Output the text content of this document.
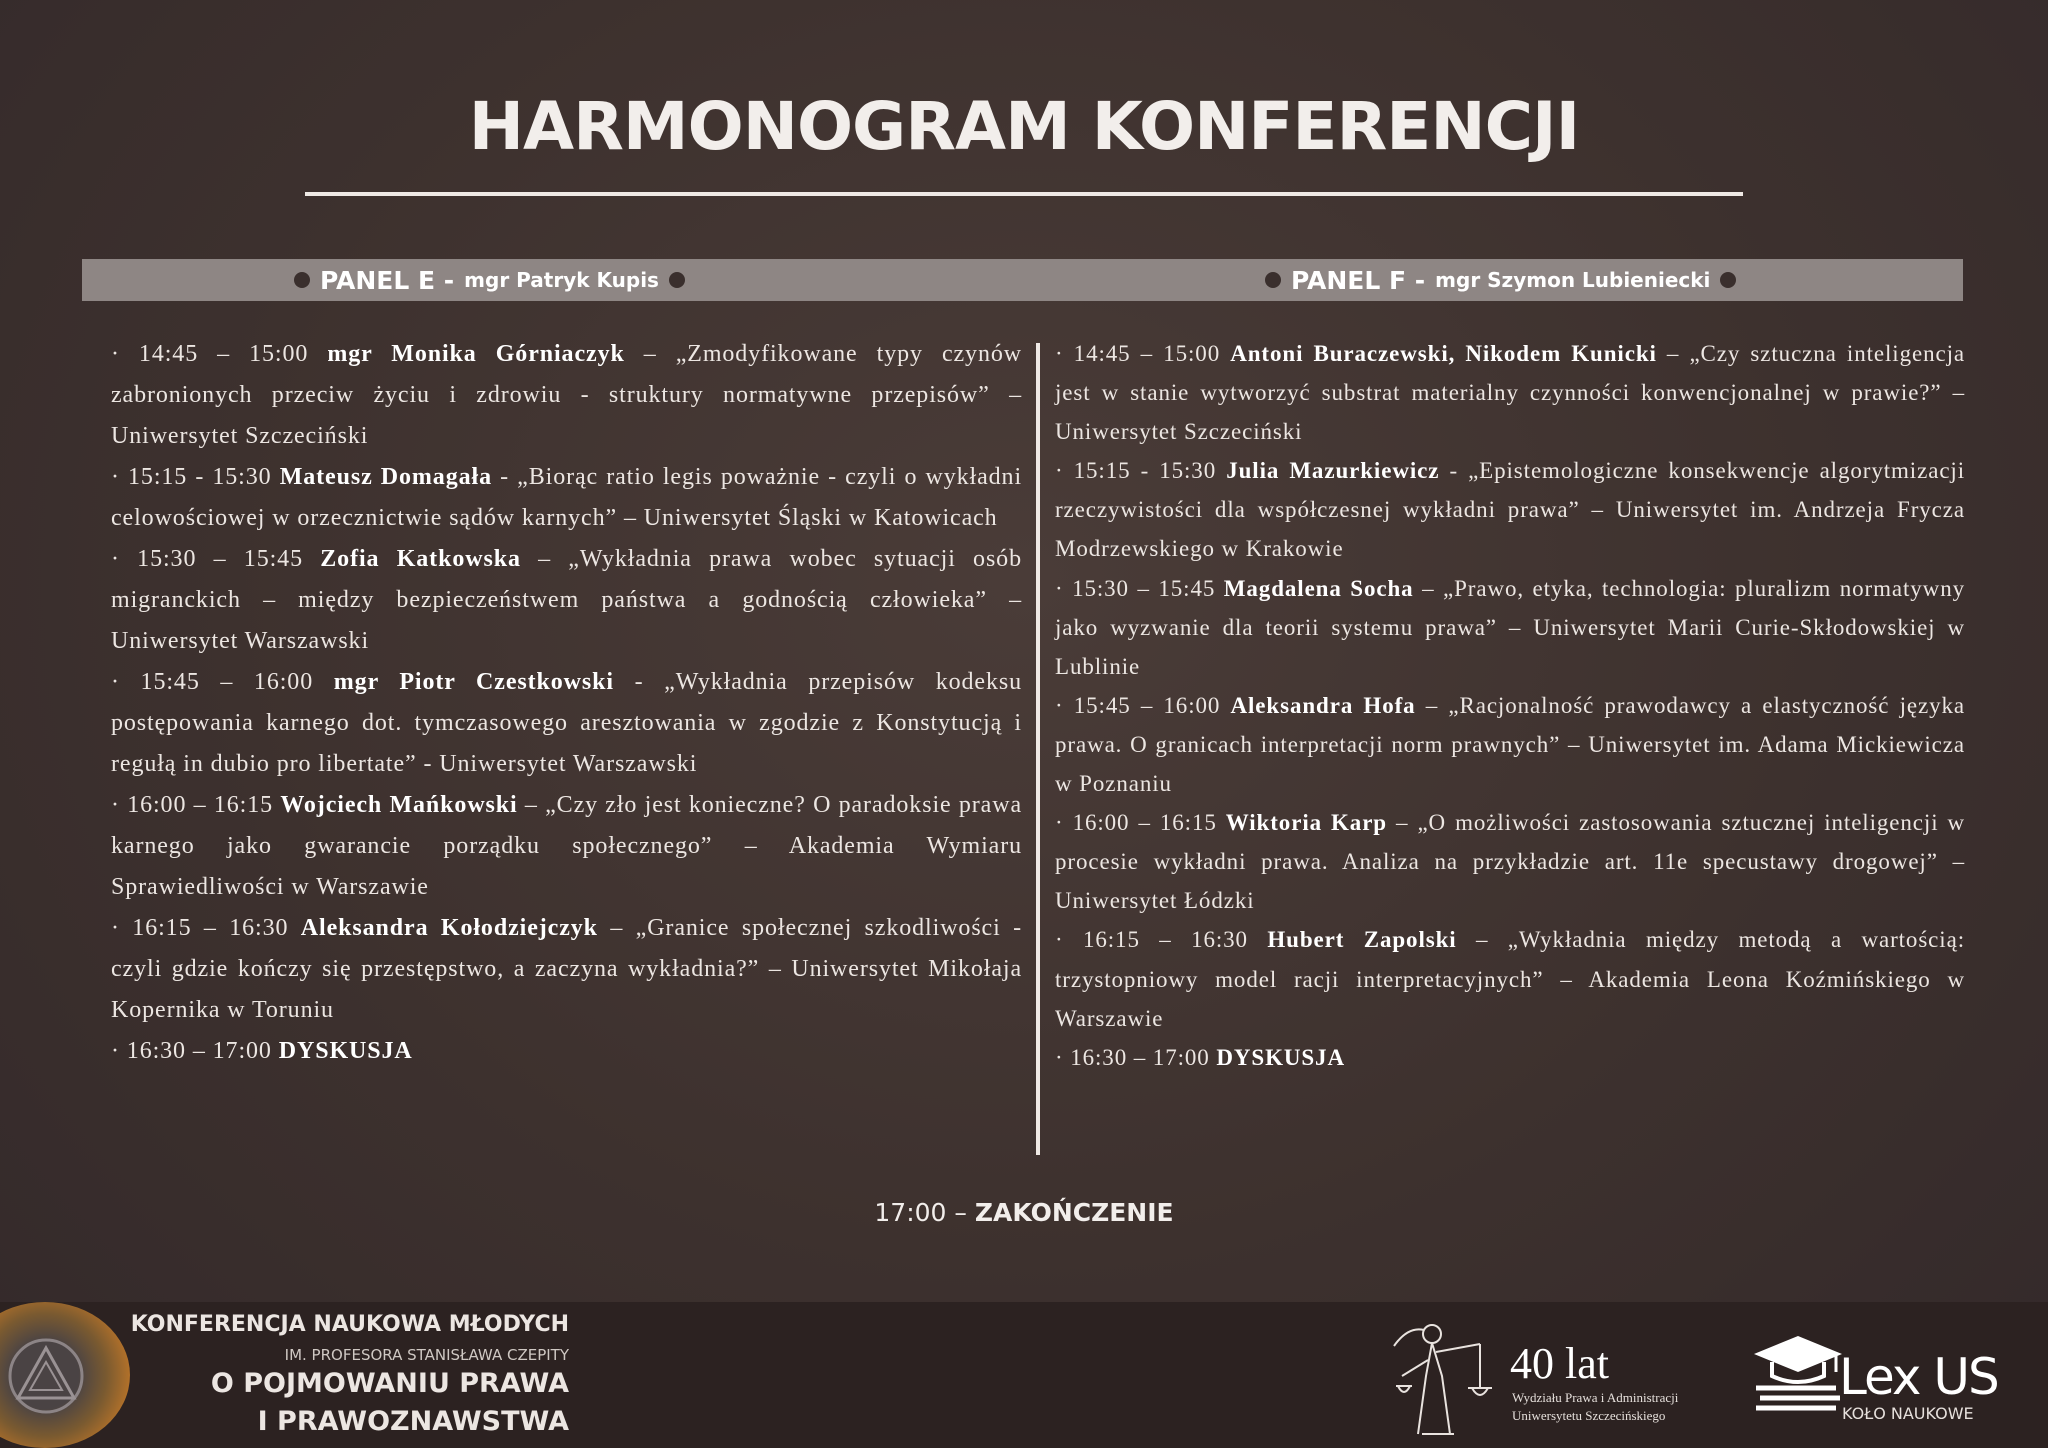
HARMONOGRAM KONFERENCJI
PANEL E - mgr Patryk Kupis	PANEL F - mgr Szymon Lubieniecki

· 14:45 – 15:00 mgr Monika Górniaczyk – „Zmodyfikowane typy czynów zabronionych przeciw życiu i zdrowiu - struktury normatywne przepisów” – Uniwersytet Szczeciński

· 15:15 - 15:30 Mateusz Domagała - „Biorąc ratio legis poważnie - czyli o wykładni celowościowej w orzecznictwie sądów karnych” – Uniwersytet Śląski w Katowicach

· 15:30 – 15:45 Zofia Katkowska – „Wykładnia prawa wobec sytuacji osób migranckich – między bezpieczeństwem państwa a godnością człowieka” – Uniwersytet Warszawski

· 15:45 – 16:00 mgr Piotr Czestkowski - „Wykładnia przepisów kodeksu postępowania karnego dot. tymczasowego aresztowania w zgodzie z Konstytucją i regułą in dubio pro libertate” - Uniwersytet Warszawski

· 16:00 – 16:15 Wojciech Mańkowski – „Czy zło jest konieczne? O paradoksie prawa karnego jako gwarancie porządku społecznego” – Akademia Wymiaru Sprawiedliwości w Warszawie

· 16:15 – 16:30 Aleksandra Kołodziejczyk – „Granice społecznej szkodliwości - czyli gdzie kończy się przestępstwo, a zaczyna wykładnia?” – Uniwersytet Mikołaja Kopernika w Toruniu

· 16:30 – 17:00 DYSKUSJA

· 14:45 – 15:00 Antoni Buraczewski, Nikodem Kunicki – „Czy sztuczna inteligencja jest w stanie wytworzyć substrat materialny czynności konwencjonalnej w prawie?” – Uniwersytet Szczeciński

· 15:15 - 15:30 Julia Mazurkiewicz - „Epistemologiczne konsekwencje algorytmizacji rzeczywistości dla współczesnej wykładni prawa” – Uniwersytet im. Andrzeja Frycza Modrzewskiego w Krakowie

· 15:30 – 15:45 Magdalena Socha – „Prawo, etyka, technologia: pluralizm normatywny jako wyzwanie dla teorii systemu prawa” – Uniwersytet Marii Curie-Skłodowskiej w Lublinie

· 15:45 – 16:00 Aleksandra Hofa – „Racjonalność prawodawcy a elastyczność języka prawa. O granicach interpretacji norm prawnych” – Uniwersytet im. Adama Mickiewicza w Poznaniu

· 16:00 – 16:15 Wiktoria Karp – „O możliwości zastosowania sztucznej inteligencji w procesie wykładni prawa. Analiza na przykładzie art. 11e specustawy drogowej” – Uniwersytet Łódzki

· 16:15 – 16:30 Hubert Zapolski – „Wykładnia między metodą a wartością: trzystopniowy model racji interpretacyjnych” – Akademia Leona Koźmińskiego w Warszawie

· 16:30 – 17:00 DYSKUSJA

17:00 – ZAKOŃCZENIE
KONFERENCJA NAUKOWA MŁODYCH
IM. PROFESORA STANISŁAWA CZEPITY
O POJMOWANIU PRAWA
I PRAWOZNAWSTWA
40 lat
Wydziału Prawa i Administracji
Uniwersytetu Szczecińskiego
Lex US
KOŁO NAUKOWE
